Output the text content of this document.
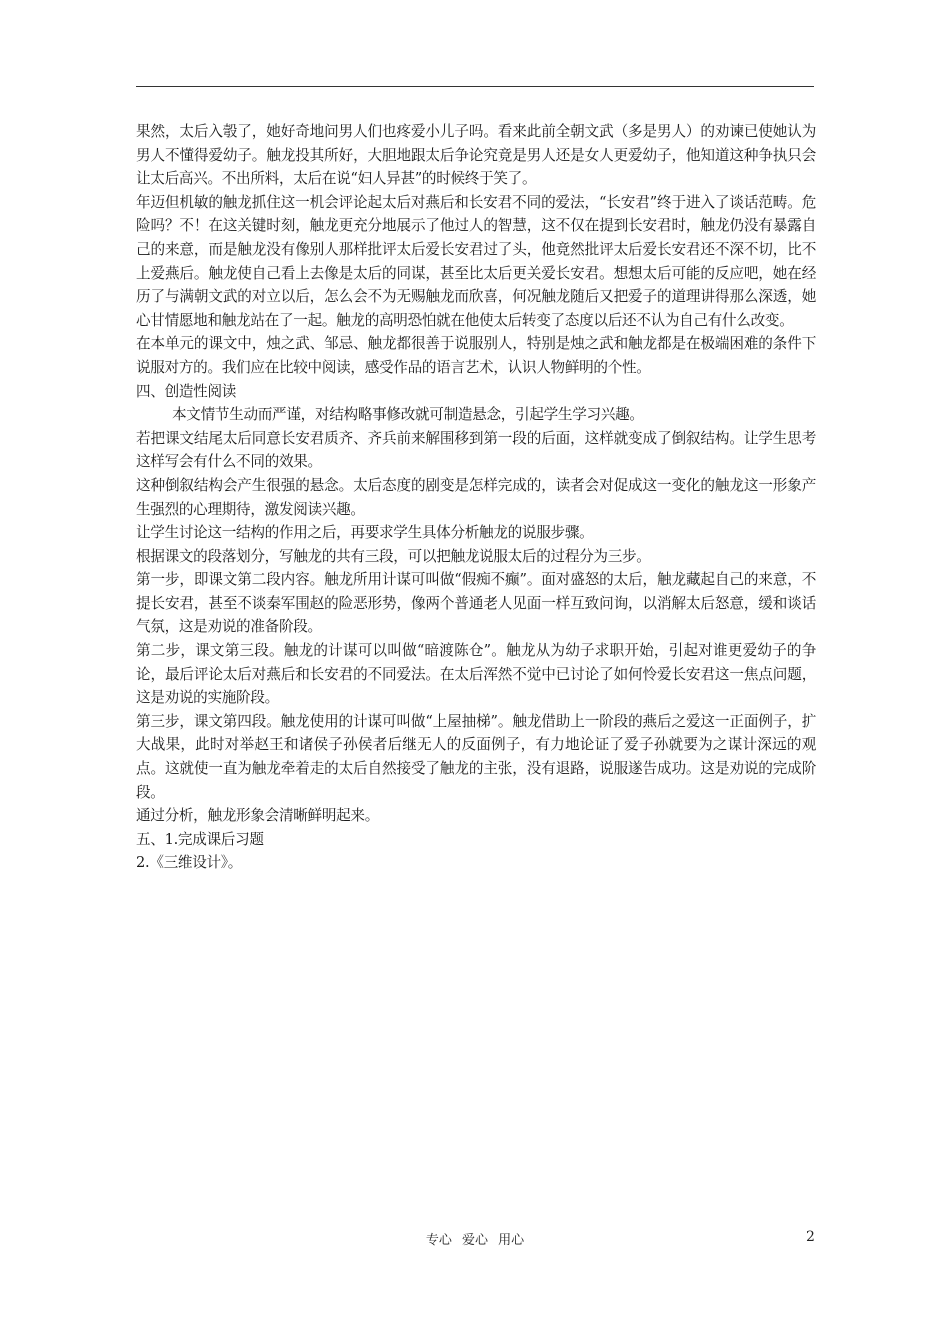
果然，太后入彀了，她好奇地问男人们也疼爱小儿子吗。看来此前全朝文武（多是男人）的劝谏已使她认为男人不懂得爱幼子。触龙投其所好，大胆地跟太后争论究竟是男人还是女人更爱幼子，他知道这种争执只会让太后高兴。不出所料，太后在说“妇人异甚”的时候终于笑了。

年迈但机敏的触龙抓住这一机会评论起太后对燕后和长安君不同的爱法，“长安君”终于进入了谈话范畴。危险吗？不！在这关键时刻，触龙更充分地展示了他过人的智慧，这不仅在提到长安君时，触龙仍没有暴露自己的来意，而是触龙没有像别人那样批评太后爱长安君过了头，他竟然批评太后爱长安君还不深不切，比不上爱燕后。触龙使自己看上去像是太后的同谋，甚至比太后更关爱长安君。想想太后可能的反应吧，她在经历了与满朝文武的对立以后，怎么会不为无赐触龙而欣喜，何况触龙随后又把爱子的道理讲得那么深透，她心甘情愿地和触龙站在了一起。触龙的高明恐怕就在他使太后转变了态度以后还不认为自己有什么改变。

在本单元的课文中，烛之武、邹忌、触龙都很善于说服别人，特别是烛之武和触龙都是在极端困难的条件下说服对方的。我们应在比较中阅读，感受作品的语言艺术，认识人物鲜明的个性。

四、创造性阅读

本文情节生动而严谨，对结构略事修改就可制造悬念，引起学生学习兴趣。

若把课文结尾太后同意长安君质齐、齐兵前来解围移到第一段的后面，这样就变成了倒叙结构。让学生思考这样写会有什么不同的效果。

这种倒叙结构会产生很强的悬念。太后态度的剧变是怎样完成的，读者会对促成这一变化的触龙这一形象产生强烈的心理期待，激发阅读兴趣。

让学生讨论这一结构的作用之后，再要求学生具体分析触龙的说服步骤。

根据课文的段落划分，写触龙的共有三段，可以把触龙说服太后的过程分为三步。

第一步，即课文第二段内容。触龙所用计谋可叫做“假痴不癫”。面对盛怒的太后，触龙藏起自己的来意，不提长安君，甚至不谈秦军围赵的险恶形势，像两个普通老人见面一样互致问询，以消解太后怒意，缓和谈话气氛，这是劝说的准备阶段。

第二步，课文第三段。触龙的计谋可以叫做“暗渡陈仓”。触龙从为幼子求职开始，引起对谁更爱幼子的争论，最后评论太后对燕后和长安君的不同爱法。在太后浑然不觉中已讨论了如何怜爱长安君这一焦点问题，这是劝说的实施阶段。

第三步，课文第四段。触龙使用的计谋可叫做“上屋抽梯”。触龙借助上一阶段的燕后之爱这一正面例子，扩大战果，此时对举赵王和诸侯子孙侯者后继无人的反面例子，有力地论证了爱子孙就要为之谋计深远的观点。这就使一直为触龙牵着走的太后自然接受了触龙的主张，没有退路，说服遂告成功。这是劝说的完成阶段。

通过分析，触龙形象会清晰鲜明起来。

五、1.完成课后习题

2.《三维设计》。

专心 爱心 用心	2
